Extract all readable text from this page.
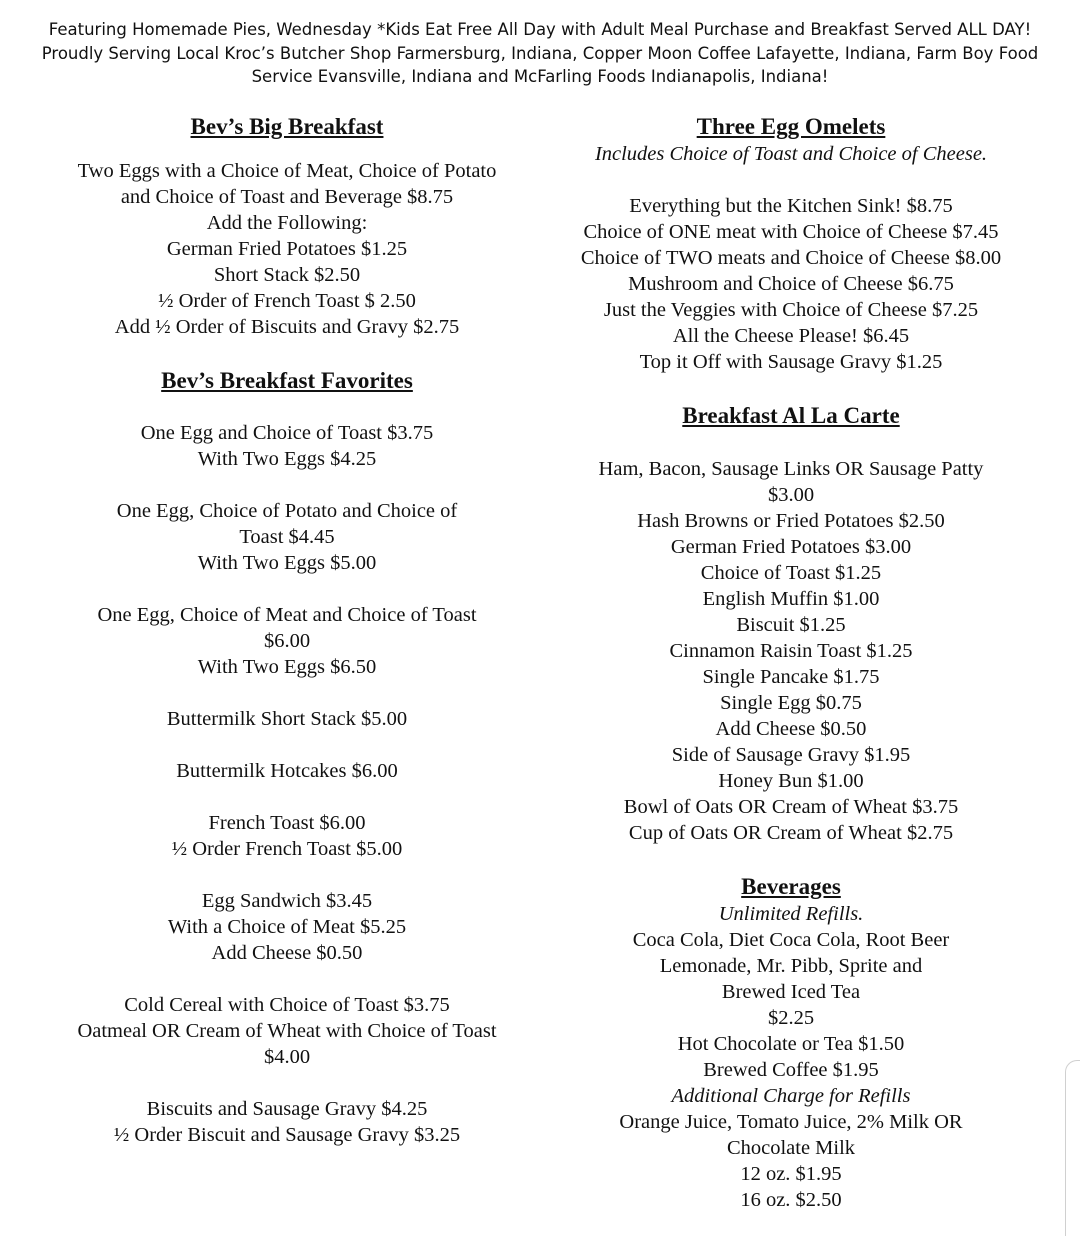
Featuring Homemade Pies, Wednesday *Kids Eat Free All Day with Adult Meal Purchase and Breakfast Served ALL DAY!
Proudly Serving Local Kroc’s Butcher Shop Farmersburg, Indiana, Copper Moon Coffee Lafayette, Indiana, Farm Boy Food
Service Evansville, Indiana and McFarling Foods Indianapolis, Indiana!
Bev’s Big Breakfast
Two Eggs with a Choice of Meat, Choice of Potato
and Choice of Toast and Beverage $8.75
Add the Following:
German Fried Potatoes $1.25
Short Stack $2.50
½ Order of French Toast $ 2.50
Add ½ Order of Biscuits and Gravy $2.75
Bev’s Breakfast Favorites
One Egg and Choice of Toast $3.75
With Two Eggs $4.25
One Egg, Choice of Potato and Choice of
Toast $4.45
With Two Eggs $5.00
One Egg, Choice of Meat and Choice of Toast
$6.00
With Two Eggs $6.50
Buttermilk Short Stack $5.00
Buttermilk Hotcakes $6.00
French Toast $6.00
½ Order French Toast $5.00
Egg Sandwich $3.45
With a Choice of Meat $5.25
Add Cheese $0.50
Cold Cereal with Choice of Toast $3.75
Oatmeal OR Cream of Wheat with Choice of Toast
$4.00
Biscuits and Sausage Gravy $4.25
½ Order Biscuit and Sausage Gravy $3.25
Three Egg Omelets
Includes Choice of Toast and Choice of Cheese.
Everything but the Kitchen Sink! $8.75
Choice of ONE meat with Choice of Cheese $7.45
Choice of TWO meats and Choice of Cheese $8.00
Mushroom and Choice of Cheese $6.75
Just the Veggies with Choice of Cheese $7.25
All the Cheese Please! $6.45
Top it Off with Sausage Gravy $1.25
Breakfast Al La Carte
Ham, Bacon, Sausage Links OR Sausage Patty
$3.00
Hash Browns or Fried Potatoes $2.50
German Fried Potatoes $3.00
Choice of Toast $1.25
English Muffin $1.00
Biscuit $1.25
Cinnamon Raisin Toast $1.25
Single Pancake $1.75
Single Egg $0.75
Add Cheese $0.50
Side of Sausage Gravy $1.95
Honey Bun $1.00
Bowl of Oats OR Cream of Wheat $3.75
Cup of Oats OR Cream of Wheat $2.75
Beverages
Unlimited Refills.
Coca Cola, Diet Coca Cola, Root Beer
Lemonade, Mr. Pibb, Sprite and
Brewed Iced Tea
$2.25
Hot Chocolate or Tea $1.50
Brewed Coffee $1.95
Additional Charge for Refills
Orange Juice, Tomato Juice, 2% Milk OR
Chocolate Milk
12 oz. $1.95
16 oz. $2.50
